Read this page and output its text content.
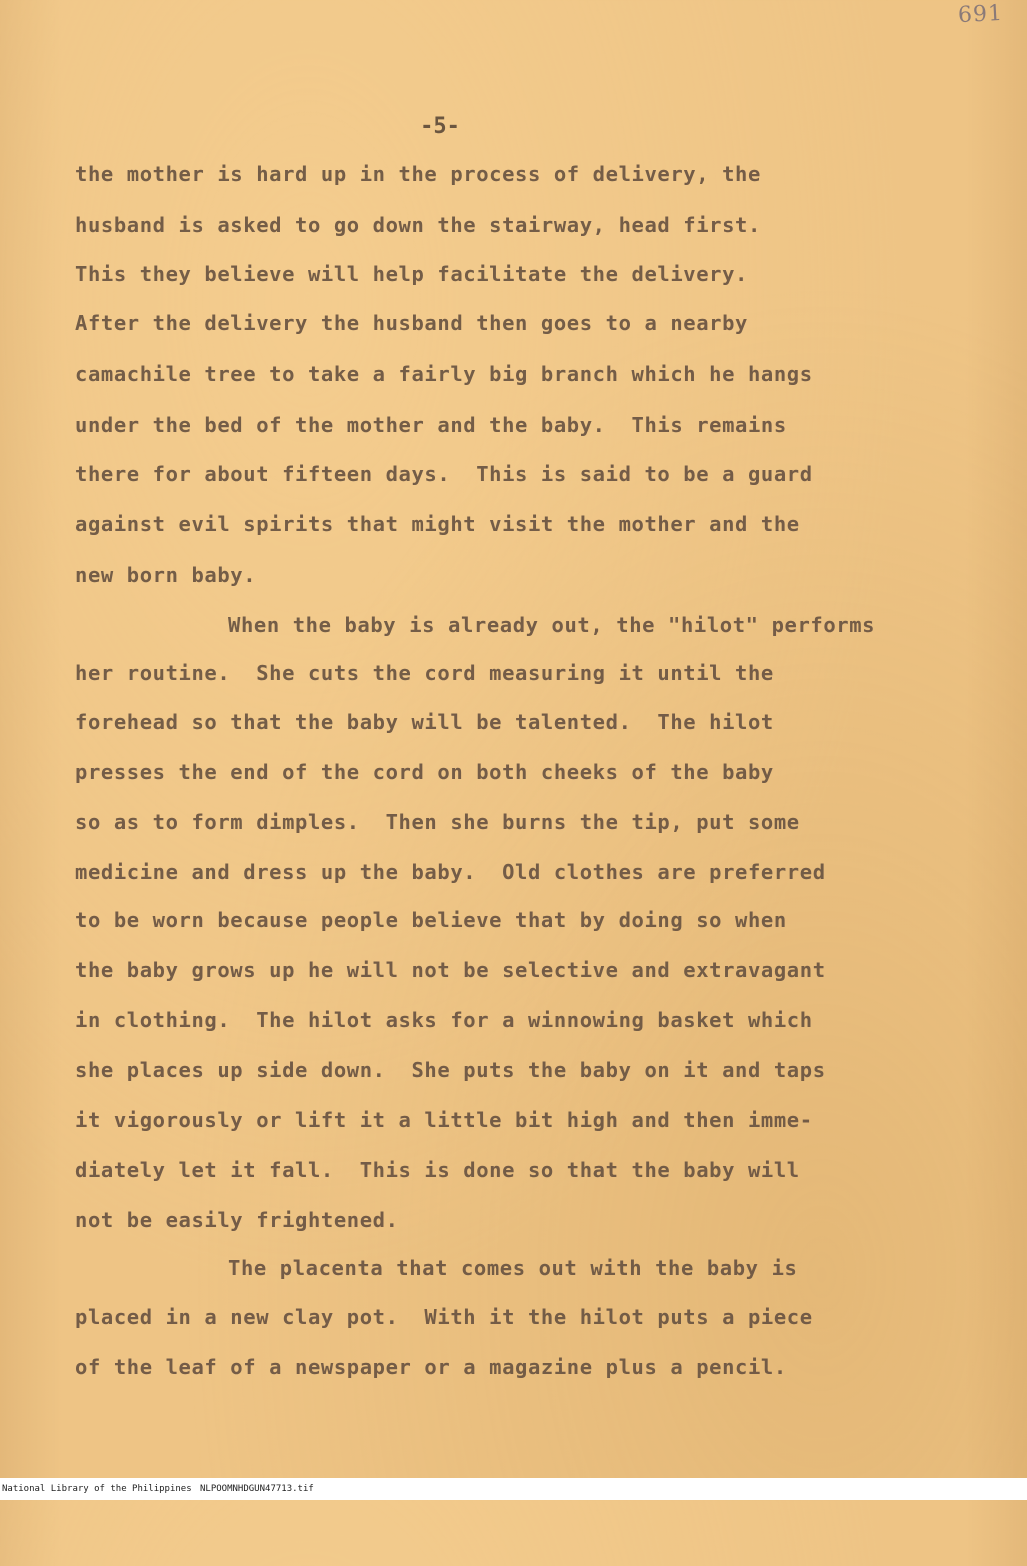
691
-5-
the mother is hard up in the process of delivery, the
husband is asked to go down the stairway, head first.
This they believe will help facilitate the delivery.
After the delivery the husband then goes to a nearby
camachile tree to take a fairly big branch which he hangs
under the bed of the mother and the baby.  This remains
there for about fifteen days.  This is said to be a guard
against evil spirits that might visit the mother and the
new born baby.
When the baby is already out, the "hilot" performs
her routine.  She cuts the cord measuring it until the
forehead so that the baby will be talented.  The hilot
presses the end of the cord on both cheeks of the baby
so as to form dimples.  Then she burns the tip, put some
medicine and dress up the baby.  Old clothes are preferred
to be worn because people believe that by doing so when
the baby grows up he will not be selective and extravagant
in clothing.  The hilot asks for a winnowing basket which
she places up side down.  She puts the baby on it and taps
it vigorously or lift it a little bit high and then imme-
diately let it fall.  This is done so that the baby will
not be easily frightened.
The placenta that comes out with the baby is
placed in a new clay pot.  With it the hilot puts a piece
of the leaf of a newspaper or a magazine plus a pencil.

National Library of the Philippines

NLPOOMNHDGUN47713.tif
